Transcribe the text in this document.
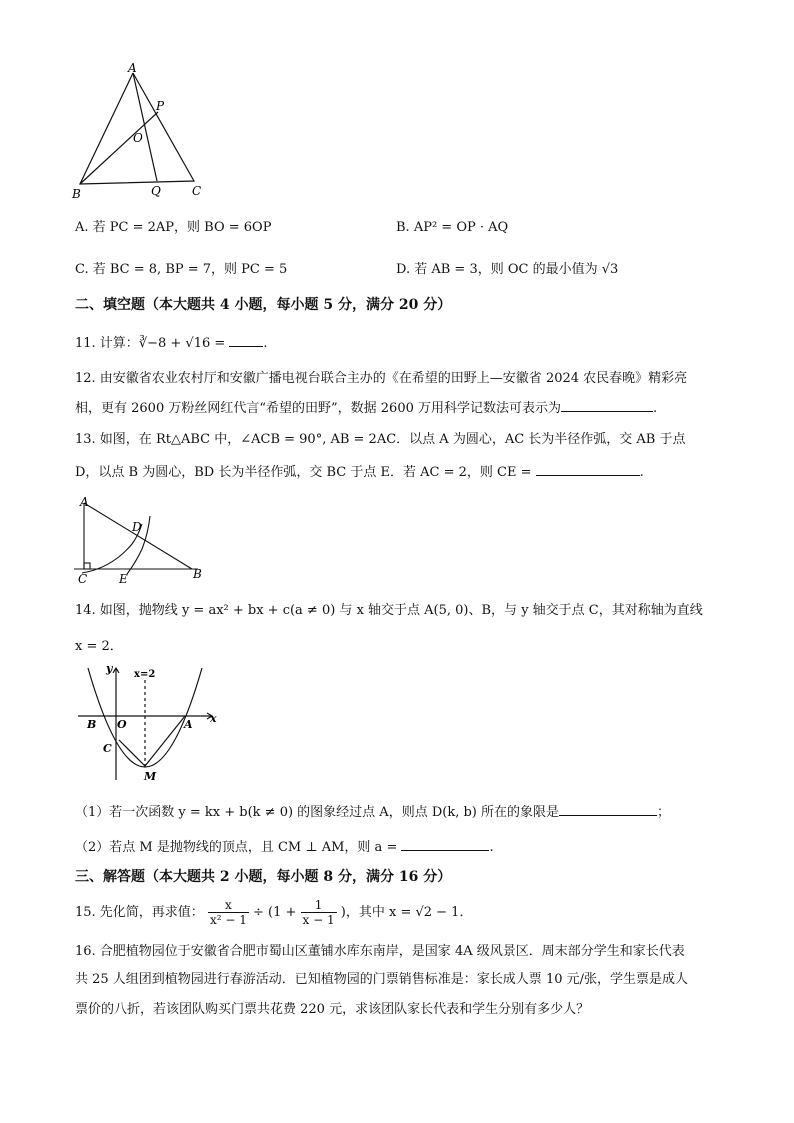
A
P
O
B	Q	C
A. 若 PC = 2AP，则 BO = 6OP	B. AP² = OP · AQ
C. 若 BC = 8, BP = 7，则 PC = 5	D. 若 AB = 3，则 OC 的最小值为 √3
二、填空题（本大题共 4 小题，每小题 5 分，满分 20 分）
11. 计算：∛−8 + √16 =	.
12. 由安徽省农业农村厅和安徽广播电视台联合主办的《在希望的田野上—安徽省 2024 农民春晚》精彩亮
相，更有 2600 万粉丝网红代言“希望的田野”，数据 2600 万用科学记数法可表示为	.
13. 如图，在 Rt△ABC 中，∠ACB = 90°, AB = 2AC．以点 A 为圆心，AC 长为半径作弧，交 AB 于点
D，以点 B 为圆心，BD 长为半径作弧，交 BC 于点 E．若 AC = 2，则 CE =	.
A
D
C	E	B
14. 如图，抛物线 y = ax² + bx + c(a ≠ 0) 与 x 轴交于点 A(5, 0)、B，与 y 轴交于点 C，其对称轴为直线
x = 2．
y x=2
x
B O	A
C
M
（1）若一次函数 y = kx + b(k ≠ 0) 的图象经过点 A，则点 D(k, b) 所在的象限是	；
（2）若点 M 是抛物线的顶点，且 CM ⊥ AM，则 a =	.
三、解答题（本大题共 2 小题，每小题 8 分，满分 16 分）
15. 先化简，再求值： $\frac{x}{\text{x² − 1}} \div (1 + \frac{1}{x - 1}$ )，其中 x = √2 − 1．
16. 合肥植物园位于安徽省合肥市蜀山区董铺水库东南岸，是国家 4A 级风景区．周末部分学生和家长代表
共 25 人组团到植物园进行春游活动．已知植物园的门票销售标准是：家长成人票 10 元/张，学生票是成人
票价的八折，若该团队购买门票共花费 220 元，求该团队家长代表和学生分别有多少人？
